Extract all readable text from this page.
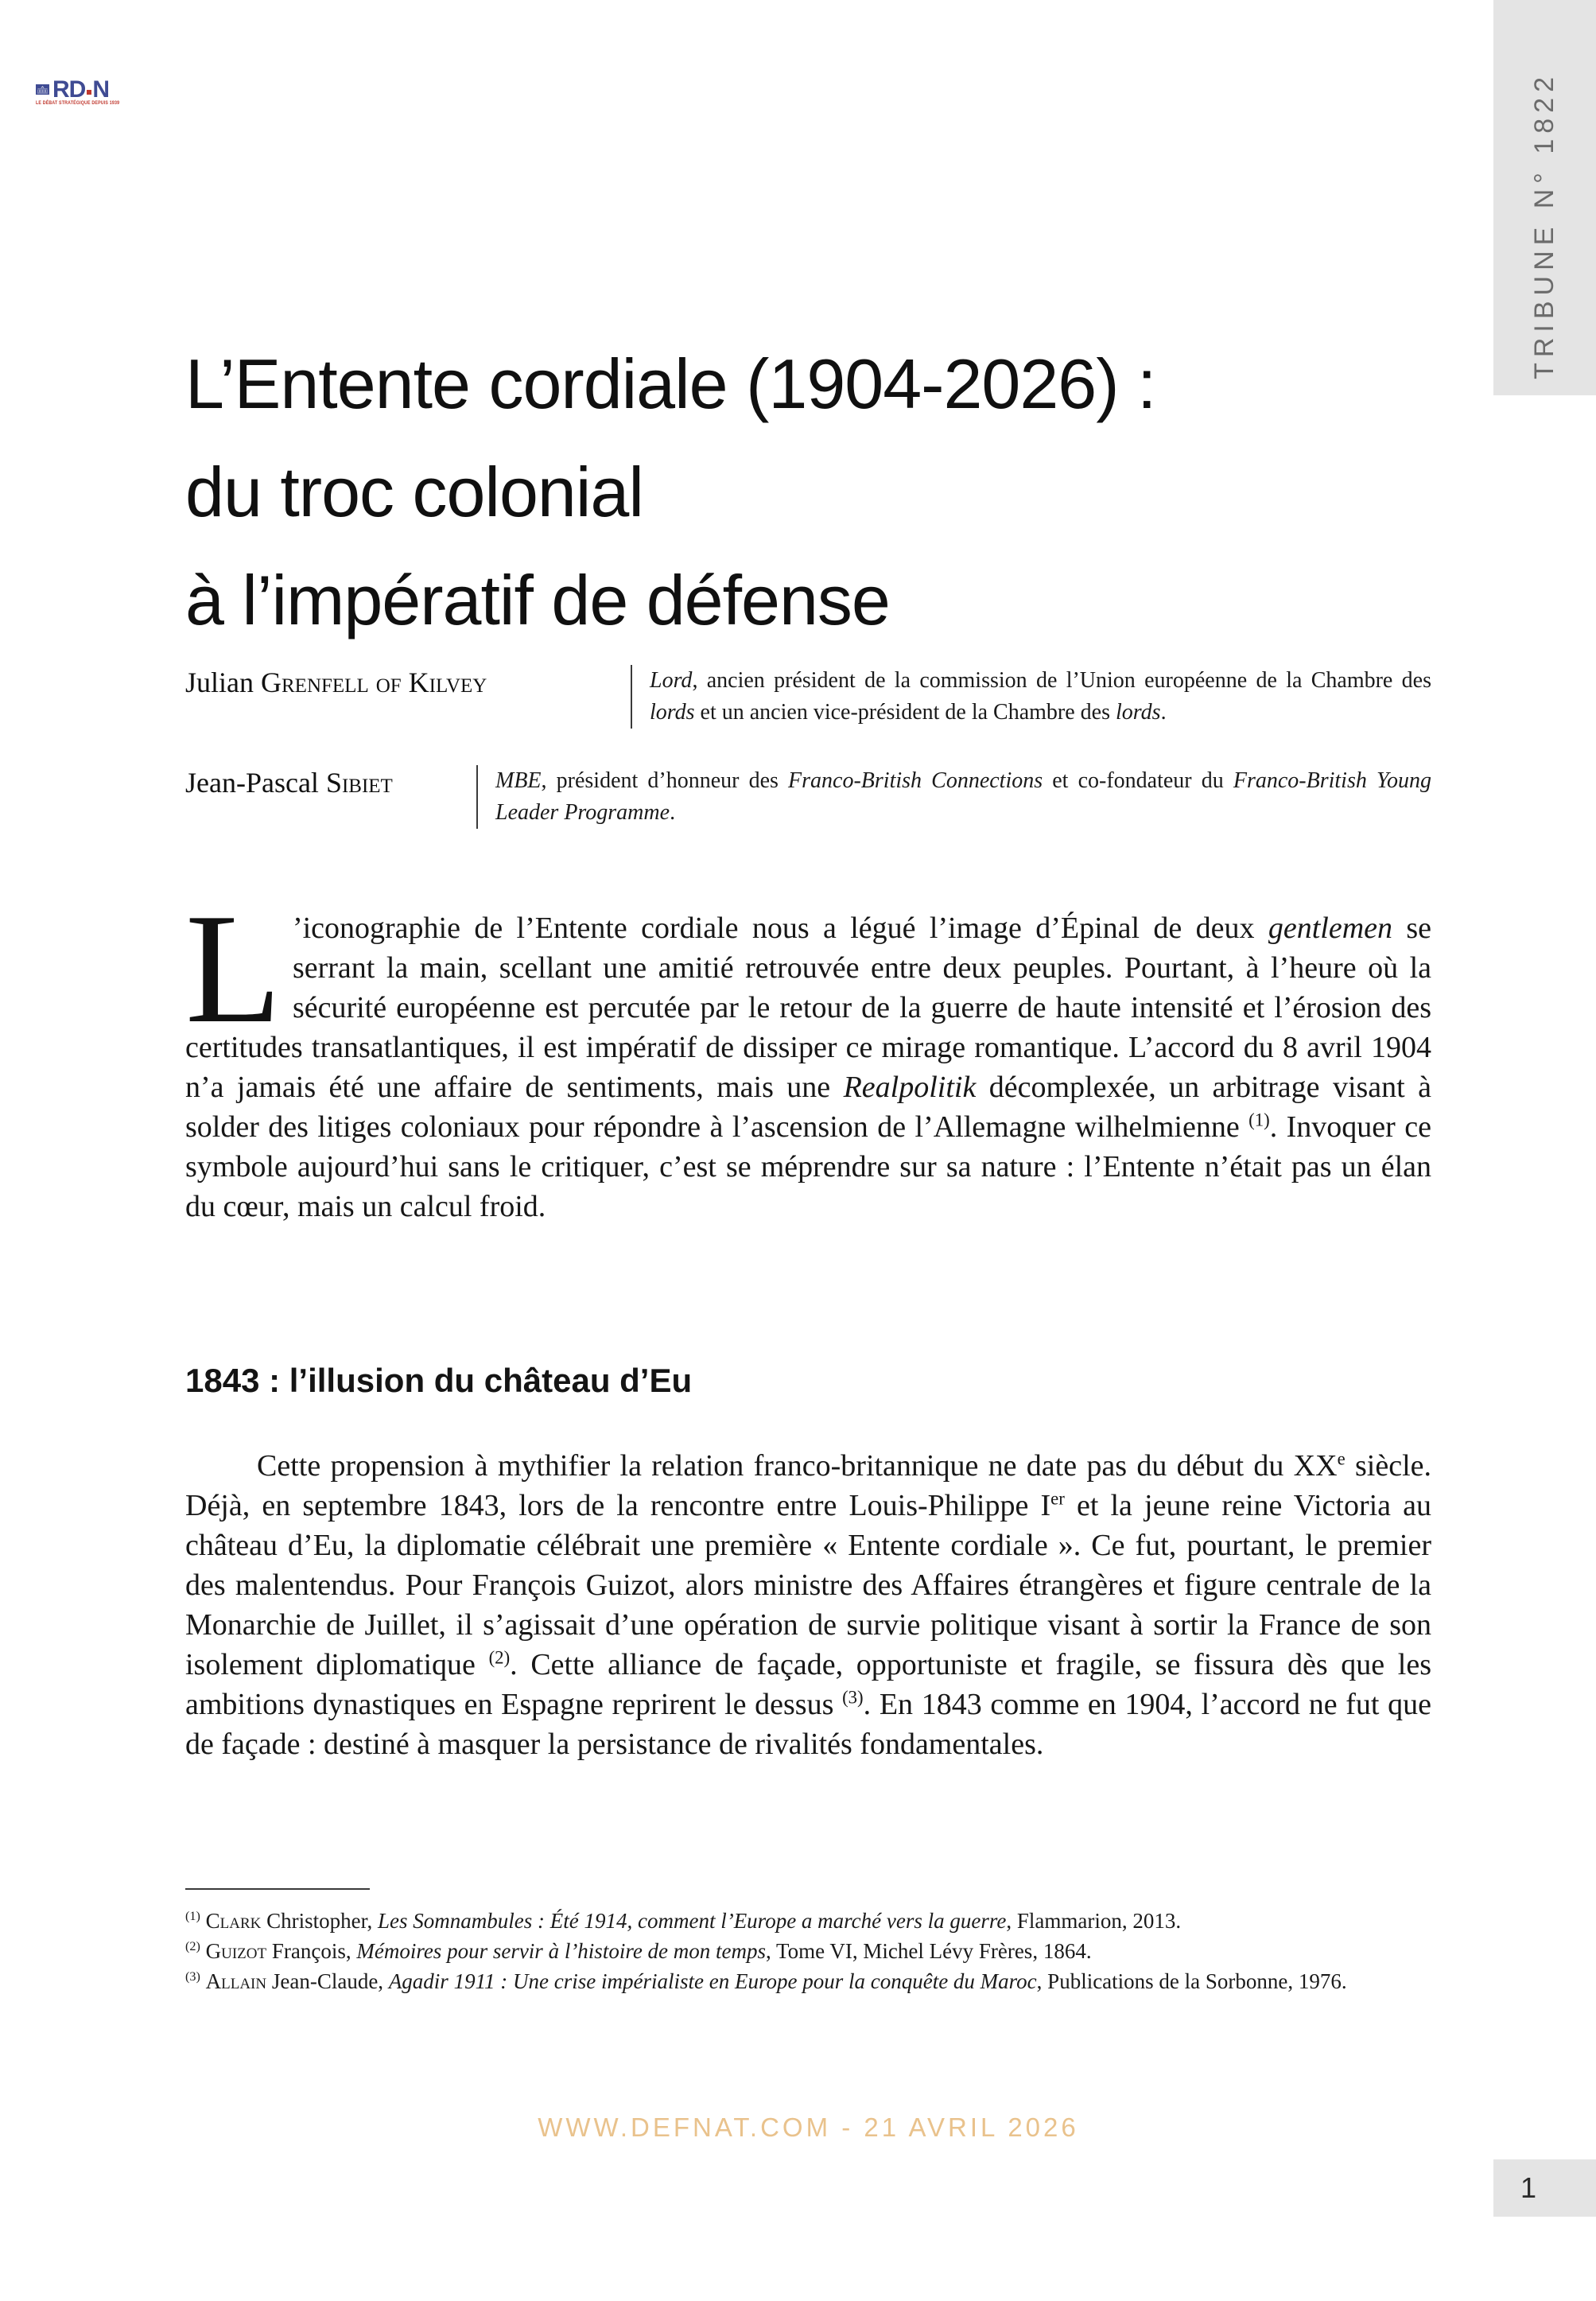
RD N
LE DÉBAT STRATÉGIQUE DEPUIS 1939	TRIBUNE N° 1822
L’Entente cordiale (1904-2026) :
du troc colonial
à l’impératif de défense
Julian Grenfell of Kilvey	Lord, ancien président de la commission de l’Union européenne de la Chambre des lords et un ancien vice-président de la Chambre des lords.
Jean-Pascal Sibiet	MBE, président d’honneur des Franco-British Connections et co-fondateur du Franco-British Young Leader Programme.

L ’iconographie de l’Entente cordiale nous a légué l’image d’Épinal de deux gentlemen se serrant la main, scellant une amitié retrouvée entre deux peuples. Pourtant, à l’heure où la sécurité européenne est percutée par le retour de la guerre de haute intensité et l’érosion des certitudes transatlantiques, il est impératif de dissiper ce mirage romantique. L’accord du 8 avril 1904 n’a jamais été une affaire de sentiments, mais une Realpolitik décomplexée, un arbitrage visant à solder des litiges coloniaux pour répondre à l’ascension de l’Allemagne wilhelmienne $^{(1)}$. Invoquer ce symbole aujourd’hui sans le critiquer, c’est se méprendre sur sa nature : l’Entente n’était pas un élan du cœur, mais un calcul froid.

1843 : l’illusion du château d’Eu

Cette propension à mythifier la relation franco-britannique ne date pas du début du XXe siècle. Déjà, en septembre 1843, lors de la rencontre entre Louis-Philippe Ier et la jeune reine Victoria au château d’Eu, la diplomatie célébrait une première « Entente cordiale ». Ce fut, pourtant, le premier des malentendus. Pour François Guizot, alors ministre des Affaires étrangères et figure centrale de la Monarchie de Juillet, il s’agissait d’une opération de survie politique visant à sortir la France de son isolement diplomatique $^{(2)}$. Cette alliance de façade, opportuniste et fragile, se fissura dès que les ambitions dynastiques en Espagne reprirent le dessus $^{(3)}$. En 1843 comme en 1904, l’accord ne fut que de façade : destiné à masquer la persistance de rivalités fondamentales.

$^{(1)}$ Clark Christopher, Les Somnambules : Été 1914, comment l’Europe a marché vers la guerre, Flammarion, 2013.

$^{(2)}$ Guizot François, Mémoires pour servir à l’histoire de mon temps, Tome VI, Michel Lévy Frères, 1864.

$^{(3)}$ Allain Jean-Claude, Agadir 1911 : Une crise impérialiste en Europe pour la conquête du Maroc, Publications de la Sorbonne, 1976.

WWW.DEFNAT.COM - 21 AVRIL 2026
1
